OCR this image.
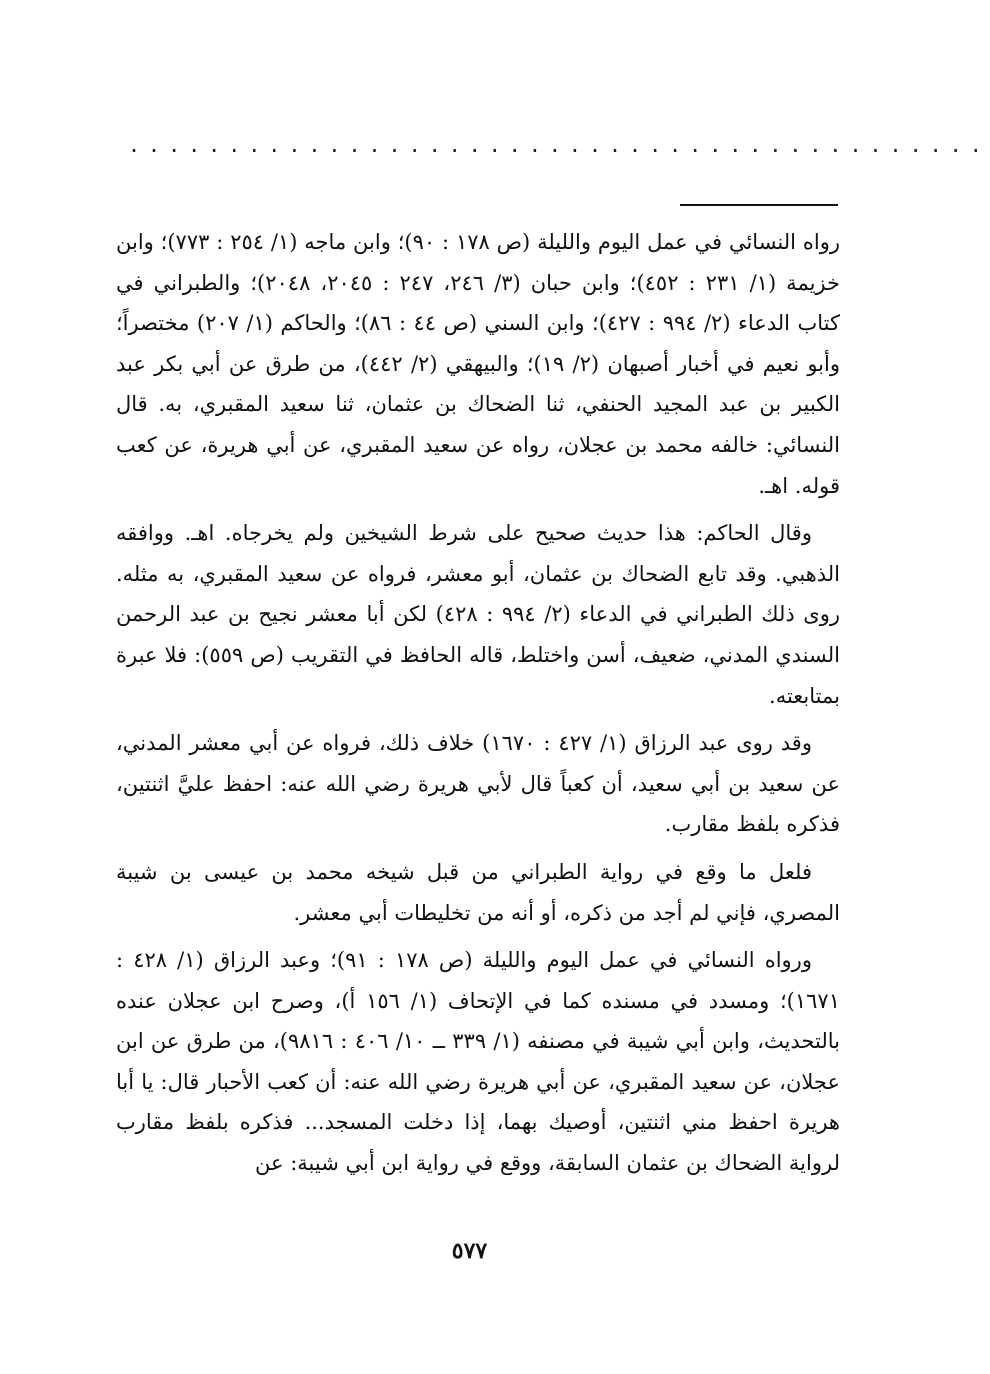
...........................................

رواه النسائي في عمل اليوم والليلة (ص ١٧٨ : ٩٠)؛ وابن ماجه (١/ ٢٥٤ : ٧٧٣)؛ وابن خزيمة (١/ ٢٣١ : ٤٥٢)؛ وابن حبان (٣/ ٢٤٦، ٢٤٧ : ٢٠٤٥، ٢٠٤٨)؛ والطبراني في كتاب الدعاء (٢/ ٩٩٤ : ٤٢٧)؛ وابن السني (ص ٤٤ : ٨٦)؛ والحاكم (١/ ٢٠٧) مختصراً؛ وأبو نعيم في أخبار أصبهان (٢/ ١٩)؛ والبيهقي (٢/ ٤٤٢)، من طرق عن أبي بكر عبد الكبير بن عبد المجيد الحنفي، ثنا الضحاك بن عثمان، ثنا سعيد المقبري، به. قال النسائي: خالفه محمد بن عجلان، رواه عن سعيد المقبري، عن أبي هريرة، عن كعب قوله. اهـ.

وقال الحاكم: هذا حديث صحيح على شرط الشيخين ولم يخرجاه. اهـ. ووافقه الذهبي. وقد تابع الضحاك بن عثمان، أبو معشر، فرواه عن سعيد المقبري، به مثله. روى ذلك الطبراني في الدعاء (٢/ ٩٩٤ : ٤٢٨) لكن أبا معشر نجيح بن عبد الرحمن السندي المدني، ضعيف، أسن واختلط، قاله الحافظ في التقريب (ص ٥٥٩): فلا عبرة بمتابعته.

وقد روى عبد الرزاق (١/ ٤٢٧ : ١٦٧٠) خلاف ذلك، فرواه عن أبي معشر المدني، عن سعيد بن أبي سعيد، أن كعباً قال لأبي هريرة رضي الله عنه: احفظ عليَّ اثنتين، فذكره بلفظ مقارب.

فلعل ما وقع في رواية الطبراني من قبل شيخه محمد بن عيسى بن شيبة المصري، فإني لم أجد من ذكره، أو أنه من تخليطات أبي معشر.

ورواه النسائي في عمل اليوم والليلة (ص ١٧٨ : ٩١)؛ وعبد الرزاق (١/ ٤٢٨ : ١٦٧١)؛ ومسدد في مسنده كما في الإتحاف (١/ ١٥٦ أ)، وصرح ابن عجلان عنده بالتحديث، وابن أبي شيبة في مصنفه (١/ ٣٣٩ ــ ١٠/ ٤٠٦ : ٩٨١٦)، من طرق عن ابن عجلان، عن سعيد المقبري، عن أبي هريرة رضي الله عنه: أن كعب الأحبار قال: يا أبا هريرة احفظ مني اثنتين، أوصيك بهما، إذا دخلت المسجد... فذكره بلفظ مقارب لرواية الضحاك بن عثمان السابقة، ووقع في رواية ابن أبي شيبة: عن

٥٧٧
